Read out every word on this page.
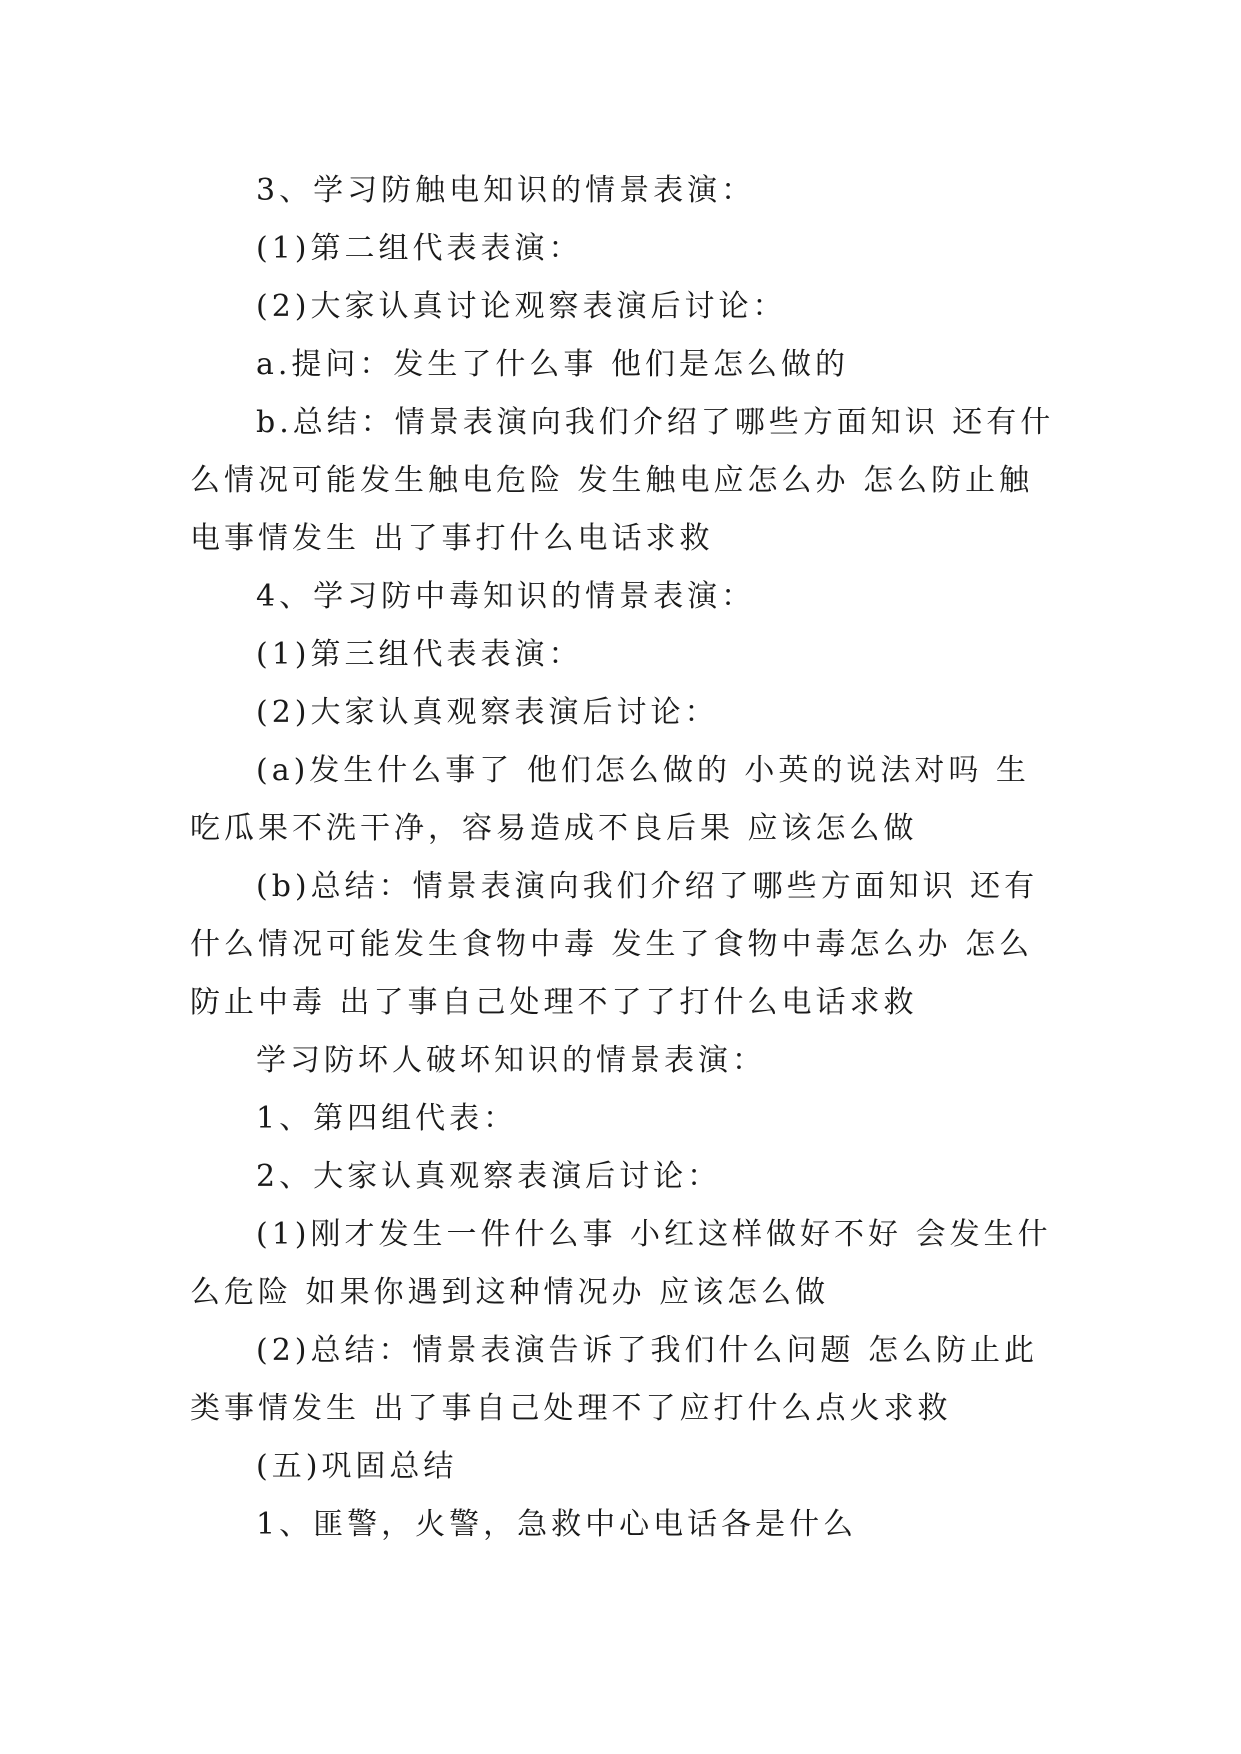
3、学习防触电知识的情景表演：

(1)第二组代表表演：

(2)大家认真讨论观察表演后讨论：

a.提问：发生了什么事 他们是怎么做的

b.总结：情景表演向我们介绍了哪些方面知识 还有什么情况可能发生触电危险 发生触电应怎么办 怎么防止触电事情发生 出了事打什么电话求救

4、学习防中毒知识的情景表演：

(1)第三组代表表演：

(2)大家认真观察表演后讨论：

(a)发生什么事了 他们怎么做的 小英的说法对吗 生吃瓜果不洗干净，容易造成不良后果 应该怎么做

(b)总结：情景表演向我们介绍了哪些方面知识 还有什么情况可能发生食物中毒 发生了食物中毒怎么办 怎么防止中毒 出了事自己处理不了了打什么电话求救

学习防坏人破坏知识的情景表演：

1、第四组代表：

2、大家认真观察表演后讨论：

(1)刚才发生一件什么事 小红这样做好不好 会发生什么危险 如果你遇到这种情况办 应该怎么做

(2)总结：情景表演告诉了我们什么问题 怎么防止此类事情发生 出了事自己处理不了应打什么点火求救

(五)巩固总结

1、匪警，火警，急救中心电话各是什么
